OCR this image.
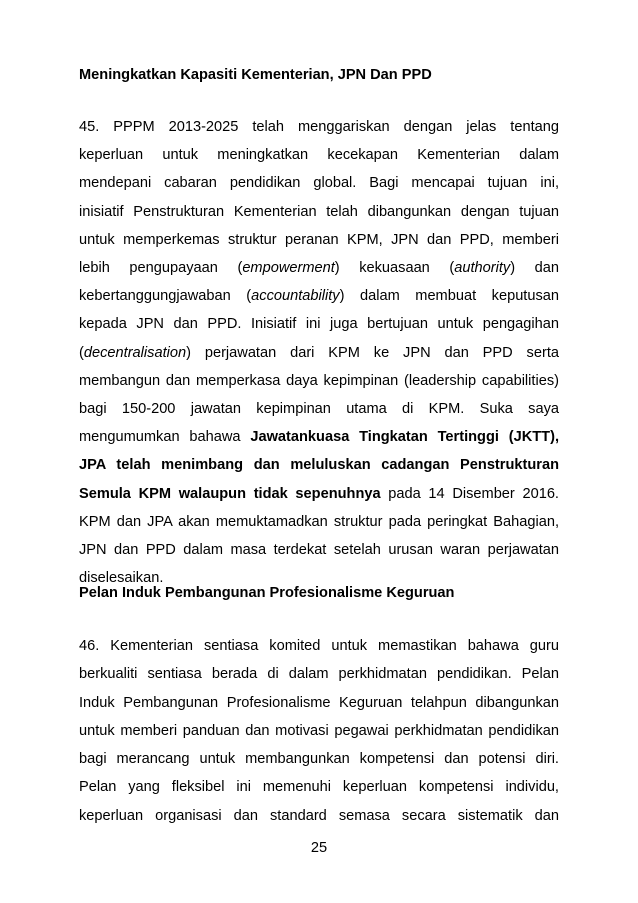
Meningkatkan Kapasiti Kementerian, JPN Dan PPD
45. PPPM 2013-2025 telah menggariskan dengan jelas tentang
keperluan untuk meningkatkan kecekapan Kementerian dalam
mendepani cabaran pendidikan global. Bagi mencapai tujuan ini,
inisiatif Penstrukturan Kementerian telah dibangunkan dengan tujuan
untuk memperkemas struktur peranan KPM, JPN dan PPD, memberi
lebih pengupayaan (empowerment) kekuasaan (authority) dan
kebertanggungjawaban (accountability) dalam membuat keputusan
kepada JPN dan PPD. Inisiatif ini juga bertujuan untuk pengagihan
(decentralisation) perjawatan dari KPM ke JPN dan PPD serta
membangun dan memperkasa daya kepimpinan (leadership capabilities)
bagi 150-200 jawatan kepimpinan utama di KPM. Suka saya
mengumumkan bahawa Jawatankuasa Tingkatan Tertinggi (JKTT),
JPA telah menimbang dan meluluskan cadangan Penstrukturan
Semula KPM walaupun tidak sepenuhnya pada 14 Disember 2016.
KPM dan JPA akan memuktamadkan struktur pada peringkat Bahagian,
JPN dan PPD dalam masa terdekat setelah urusan waran perjawatan
diselesaikan.
Pelan Induk Pembangunan Profesionalisme Keguruan
46. Kementerian sentiasa komited untuk memastikan bahawa guru
berkualiti sentiasa berada di dalam perkhidmatan pendidikan. Pelan
Induk Pembangunan Profesionalisme Keguruan telahpun dibangunkan
untuk memberi panduan dan motivasi pegawai perkhidmatan pendidikan
bagi merancang untuk membangunkan kompetensi dan potensi diri.
Pelan yang fleksibel ini memenuhi keperluan kompetensi individu,
keperluan organisasi dan standard semasa secara sistematik dan
25
